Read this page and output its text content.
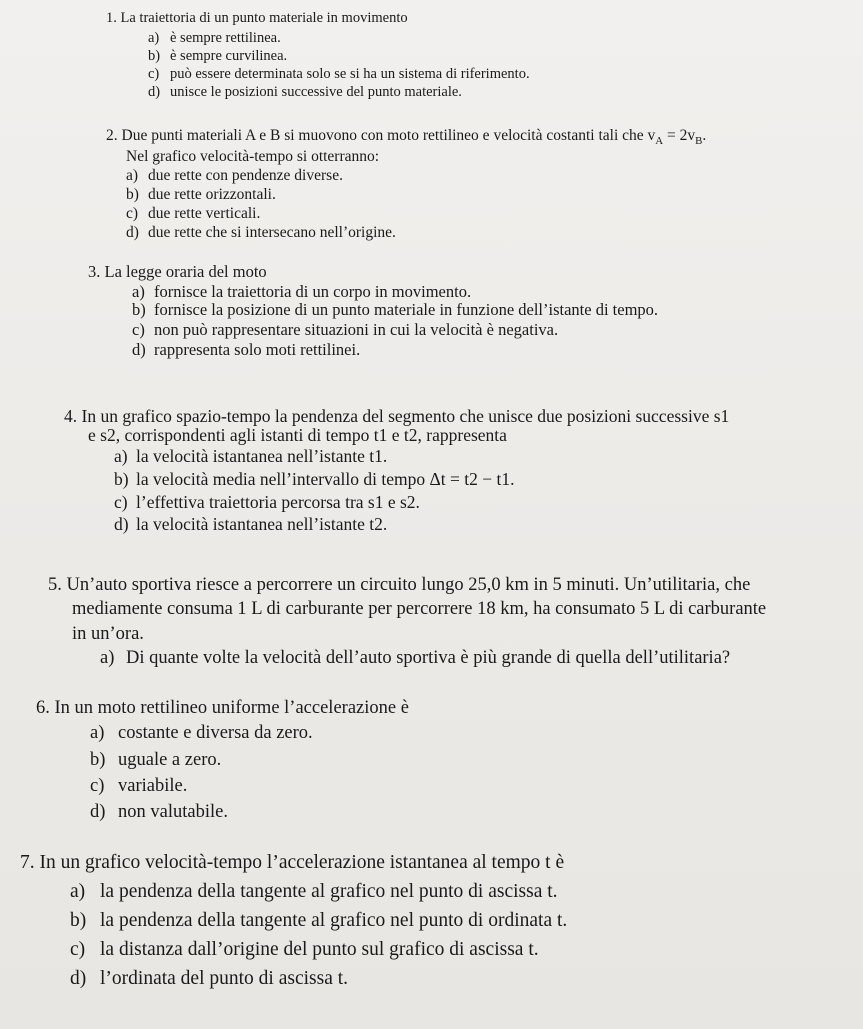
1. La traiettoria di un punto materiale in movimento
a) è sempre rettilinea.
b) è sempre curvilinea.
c) può essere determinata solo se si ha un sistema di riferimento.
d) unisce le posizioni successive del punto materiale.
2. Due punti materiali A e B si muovono con moto rettilineo e velocità costanti tali che $v_A = 2v_B$.
Nel grafico velocità-tempo si otterranno:
a) due rette con pendenze diverse.
b) due rette orizzontali.
c) due rette verticali.
d) due rette che si intersecano nell’origine.
3. La legge oraria del moto
a) fornisce la traiettoria di un corpo in movimento.
b) fornisce la posizione di un punto materiale in funzione dell’istante di tempo.
c) non può rappresentare situazioni in cui la velocità è negativa.
d) rappresenta solo moti rettilinei.
4. In un grafico spazio-tempo la pendenza del segmento che unisce due posizioni successive s1
e s2, corrispondenti agli istanti di tempo t1 e t2, rappresenta
a) la velocità istantanea nell’istante t1.
b) la velocità media nell’intervallo di tempo Δt = t2 − t1.
c) l’effettiva traiettoria percorsa tra s1 e s2.
d) la velocità istantanea nell’istante t2.
5. Un’auto sportiva riesce a percorrere un circuito lungo 25,0 km in 5 minuti. Un’utilitaria, che
mediamente consuma 1 L di carburante per percorrere 18 km, ha consumato 5 L di carburante
in un’ora.
a) Di quante volte la velocità dell’auto sportiva è più grande di quella dell’utilitaria?
6. In un moto rettilineo uniforme l’accelerazione è
a) costante e diversa da zero.
b) uguale a zero.
c) variabile.
d) non valutabile.
7. In un grafico velocità-tempo l’accelerazione istantanea al tempo t è
a) la pendenza della tangente al grafico nel punto di ascissa t.
b) la pendenza della tangente al grafico nel punto di ordinata t.
c) la distanza dall’origine del punto sul grafico di ascissa t.
d) l’ordinata del punto di ascissa t.
